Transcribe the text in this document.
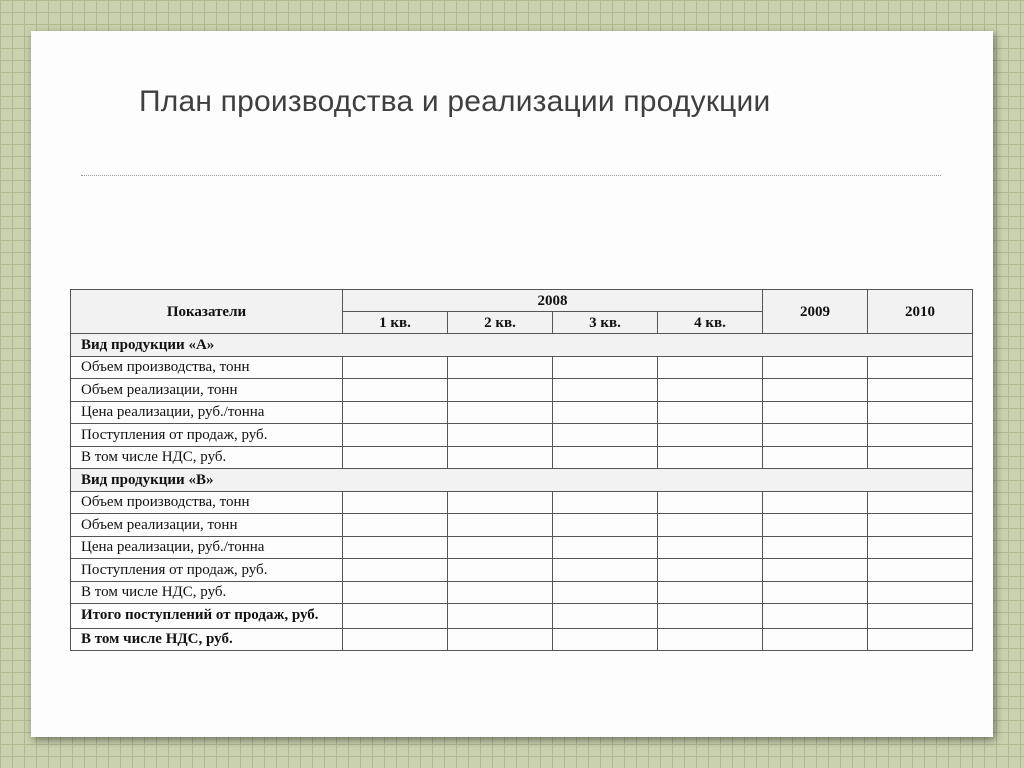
План производства и реализации продукции
Показатели	2008				2009	2010
	1 кв.	2 кв.	3 кв.	4 кв.		
Вид продукции «А»						
Объем производства, тонн						
Объем реализации, тонн						
Цена реализации, руб./тонна						
Поступления от продаж, руб.						
В том числе НДС, руб.						
Вид продукции «В»						
Объем производства, тонн						
Объем реализации, тонн						
Цена реализации, руб./тонна						
Поступления от продаж, руб.						
В том числе НДС, руб.						
Итого поступлений от продаж, руб.						
В том числе НДС, руб.						
